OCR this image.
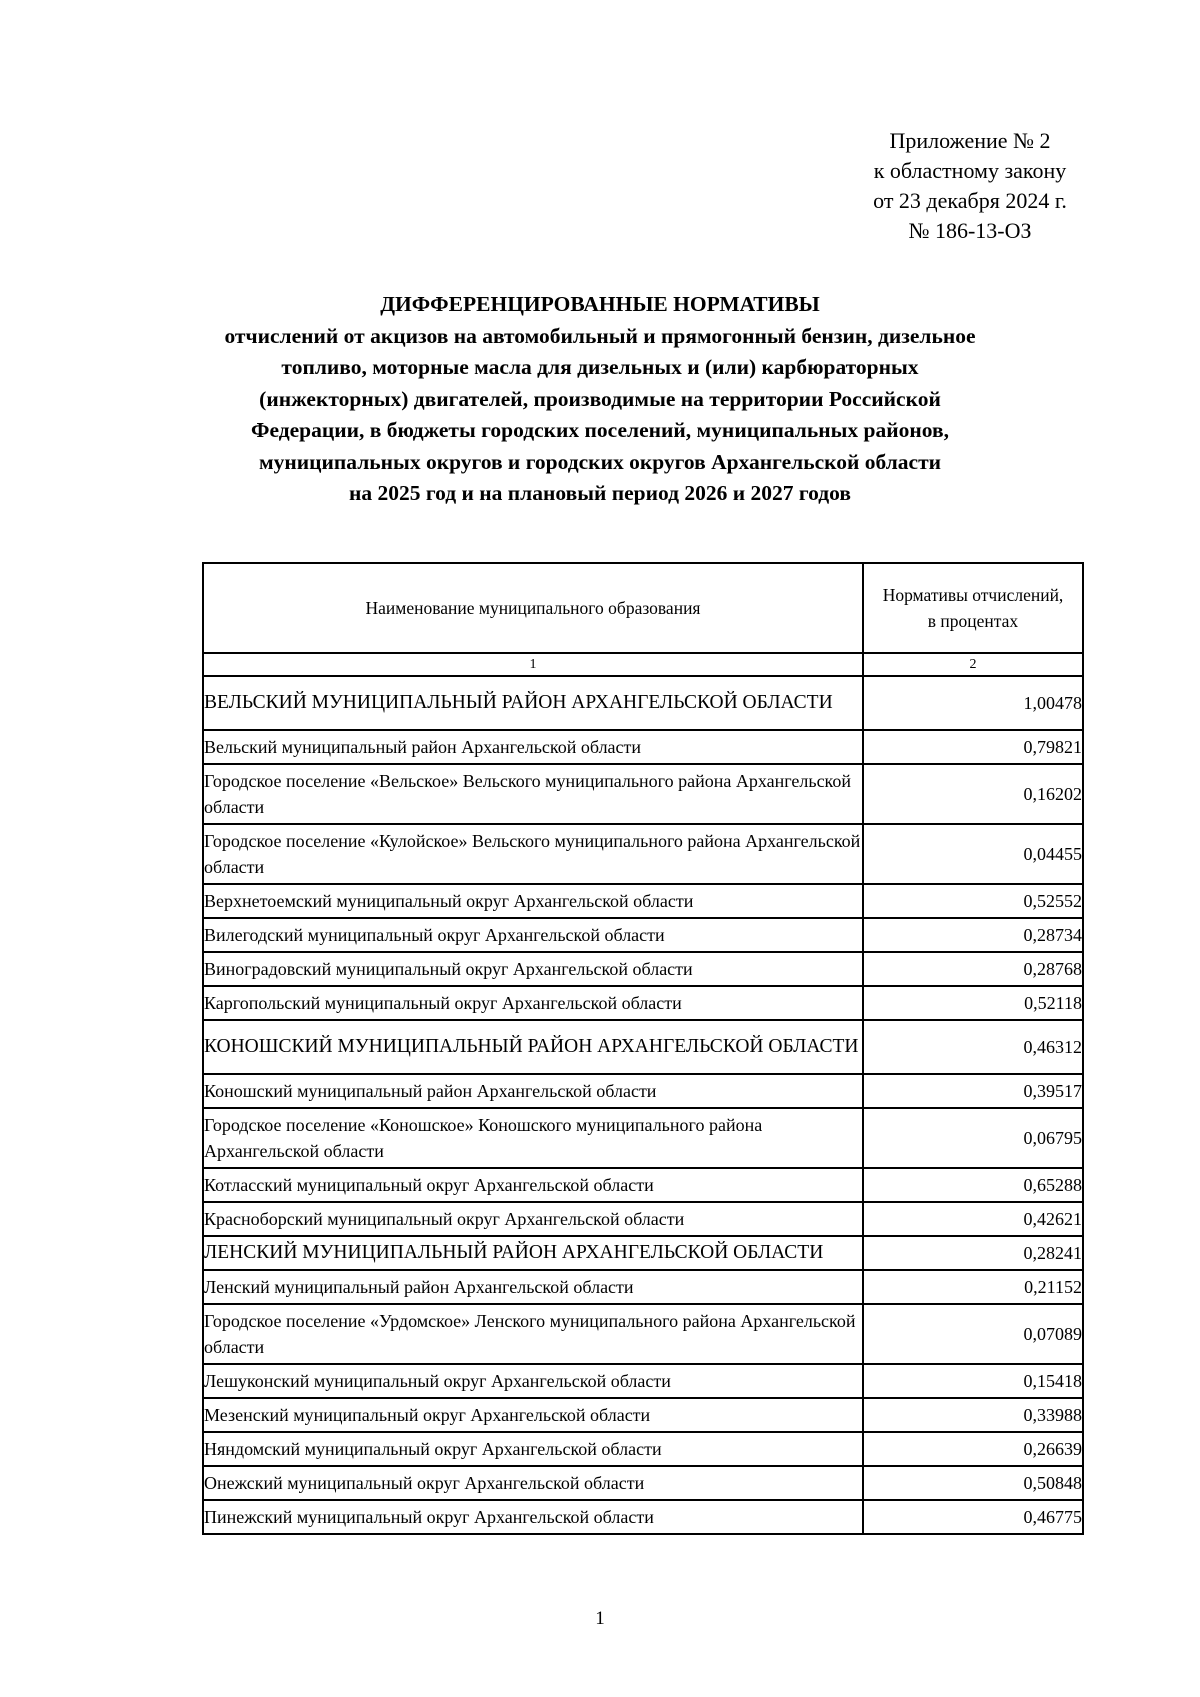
Приложение № 2
к областному закону
от 23 декабря 2024 г.
№ 186-13-ОЗ
ДИФФЕРЕНЦИРОВАННЫЕ НОРМАТИВЫ
отчислений от акцизов на автомобильный и прямогонный бензин, дизельное
топливо, моторные масла для дизельных и (или) карбюраторных
(инжекторных) двигателей, производимые на территории Российской
Федерации, в бюджеты городских поселений, муниципальных районов,
муниципальных округов и городских округов Архангельской области
на 2025 год и на плановый период 2026 и 2027 годов
Наименование муниципального образования	Нормативы отчислений,
в процентах

1	2
ВЕЛЬСКИЙ МУНИЦИПАЛЬНЫЙ РАЙОН АРХАНГЕЛЬСКОЙ ОБЛАСТИ	1,00478
Вельский муниципальный район Архангельской области	0,79821
Городское поселение «Вельское» Вельского муниципального района Архангельской области	0,16202
Городское поселение «Кулойское» Вельского муниципального района Архангельской области	0,04455
Верхнетоемский муниципальный округ Архангельской области	0,52552
Вилегодский муниципальный округ Архангельской области	0,28734
Виноградовский муниципальный округ Архангельской области	0,28768
Каргопольский муниципальный округ Архангельской области	0,52118
КОНОШСКИЙ МУНИЦИПАЛЬНЫЙ РАЙОН АРХАНГЕЛЬСКОЙ ОБЛАСТИ	0,46312
Коношский муниципальный район Архангельской области	0,39517
Городское поселение «Коношское» Коношского муниципального района Архангельской области	0,06795
Котласский муниципальный округ Архангельской области	0,65288
Красноборский муниципальный округ Архангельской области	0,42621
ЛЕНСКИЙ МУНИЦИПАЛЬНЫЙ РАЙОН АРХАНГЕЛЬСКОЙ ОБЛАСТИ	0,28241
Ленский муниципальный район Архангельской области	0,21152
Городское поселение «Урдомское» Ленского муниципального района Архангельской области	0,07089
Лешуконский муниципальный округ Архангельской области	0,15418
Мезенский муниципальный округ Архангельской области	0,33988
Няндомский муниципальный округ Архангельской области	0,26639
Онежский муниципальный округ Архангельской области	0,50848
Пинежский муниципальный округ Архангельской области	0,46775
1
